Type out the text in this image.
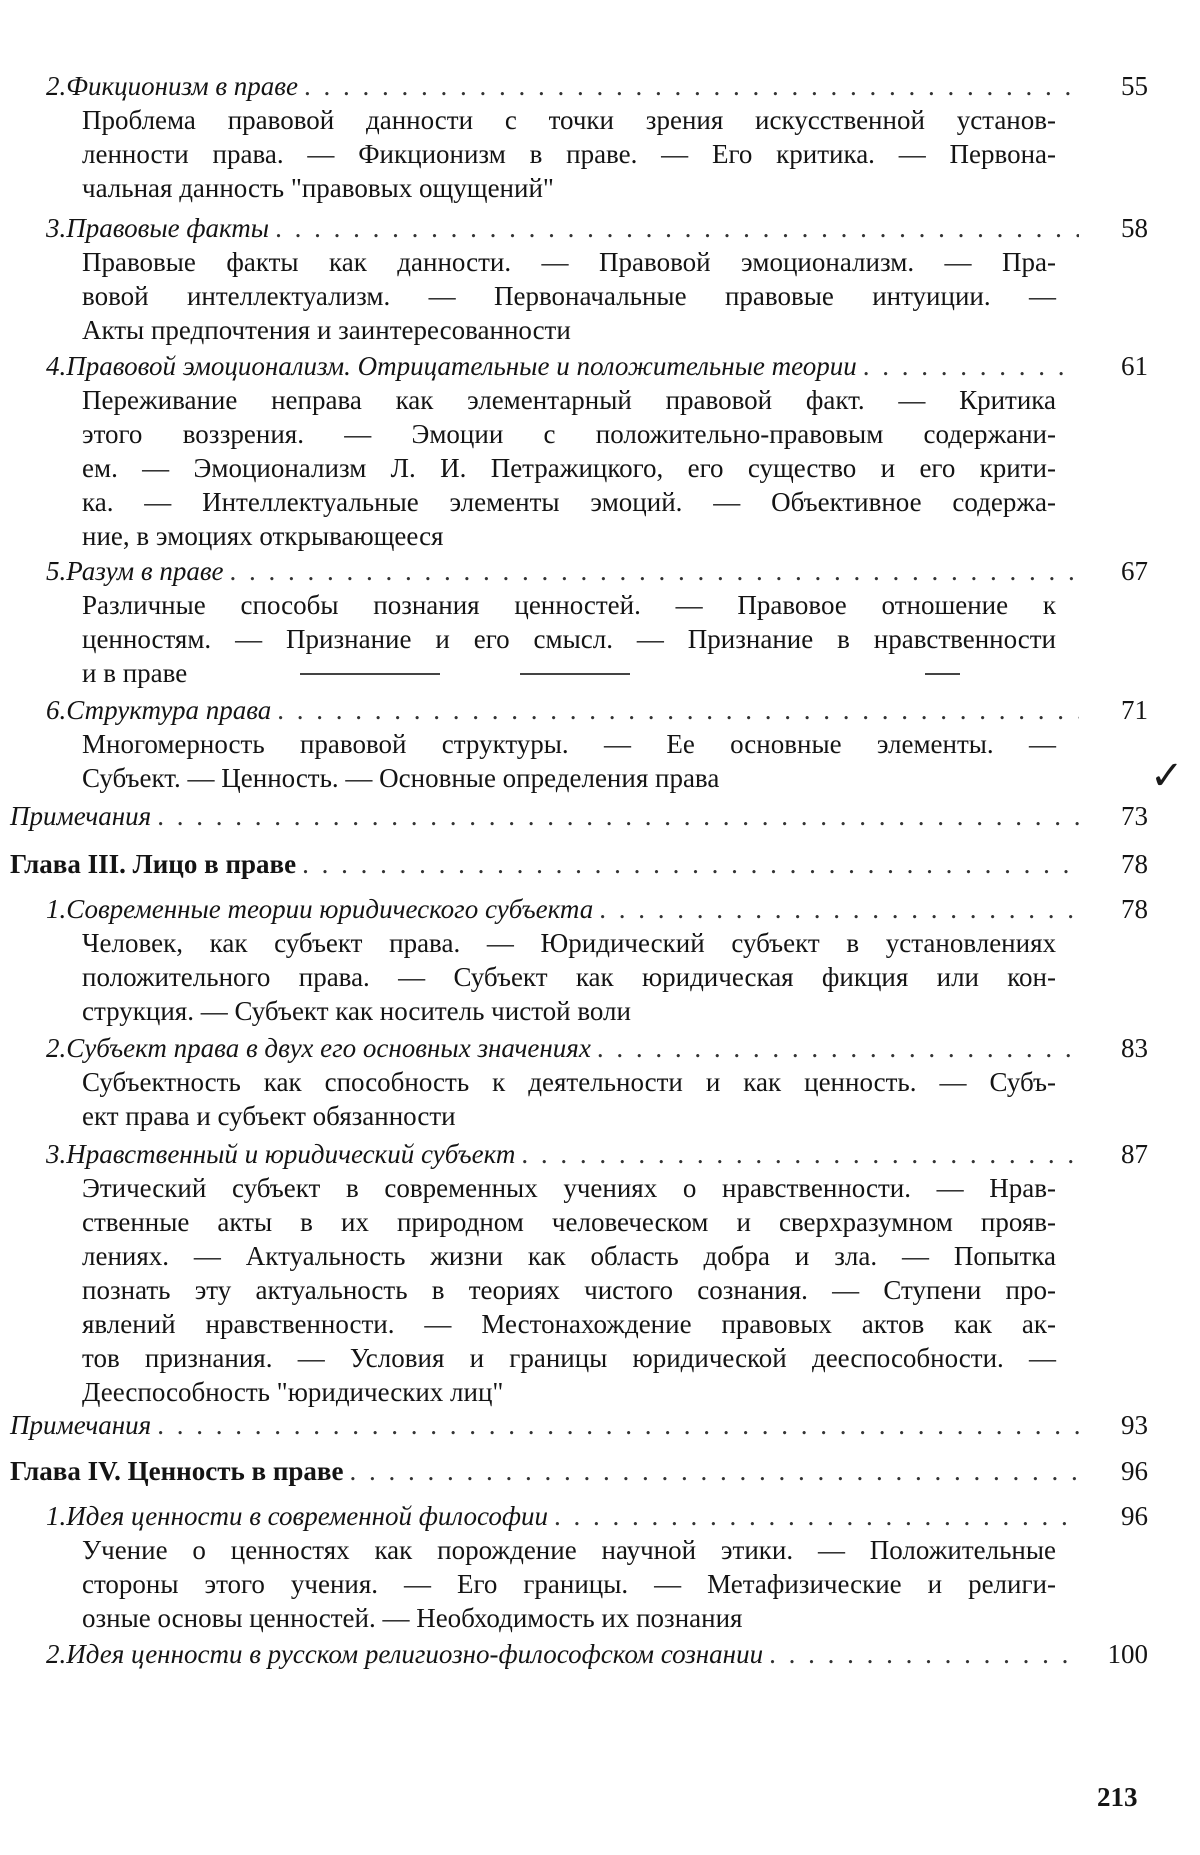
2. Фикционизм в праве . . .	55
Проблема правовой данности с точки зрения искусственной установ-
ленности права. — Фикционизм в праве. — Его критика. — Первона-
чальная данность "правовых ощущений"
3. Правовые факты . . .	58
Правовые факты как данности. — Правовой эмоционализм. — Пра-
вовой интеллектуализм. — Первоначальные правовые интуиции. —
Акты предпочтения и заинтересованности
4. Правовой эмоционализм. Отрицательные и положительные теории . . .	61
Переживание неправа как элементарный правовой факт. — Критика
этого воззрения. — Эмоции с положительно-правовым содержани-
ем. — Эмоционализм Л. И. Петражицкого, его существо и его крити-
ка. — Интеллектуальные элементы эмоций. — Объективное содержа-
ние, в эмоциях открывающееся
5. Разум в праве . . .	67
Различные способы познания ценностей. — Правовое отношение к
ценностям. — Признание и его смысл. — Признание в нравственности
и в праве
6. Структура права . . .	71
Многомерность правовой структуры. — Ее основные элементы. —
Субъект. — Ценность. — Основные определения права
Примечания . . .	73
Глава III. Лицо в праве . . .	78
1. Современные теории юридического субъекта . . .	78
Человек, как субъект права. — Юридический субъект в установлениях
положительного права. — Субъект как юридическая фикция или кон-
струкция. — Субъект как носитель чистой воли
2. Субъект права в двух его основных значениях . . .	83
Субъектность как способность к деятельности и как ценность. — Субъ-
ект права и субъект обязанности
3. Нравственный и юридический субъект . . .	87
Этический субъект в современных учениях о нравственности. — Нрав-
ственные акты в их природном человеческом и сверхразумном прояв-
лениях. — Актуальность жизни как область добра и зла. — Попытка
познать эту актуальность в теориях чистого сознания. — Ступени про-
явлений нравственности. — Местонахождение правовых актов как ак-
тов признания. — Условия и границы юридической дееспособности. —
Дееспособность "юридических лиц"
Примечания . . .	93
Глава IV. Ценность в праве . . .	96
1. Идея ценности в современной философии . . .	96
Учение о ценностях как порождение научной этики. — Положительные
стороны этого учения. — Его границы. — Метафизические и религи-
озные основы ценностей. — Необходимость их познания
2. Идея ценности в русском религиозно-философском сознании . . .	100
✓
213
